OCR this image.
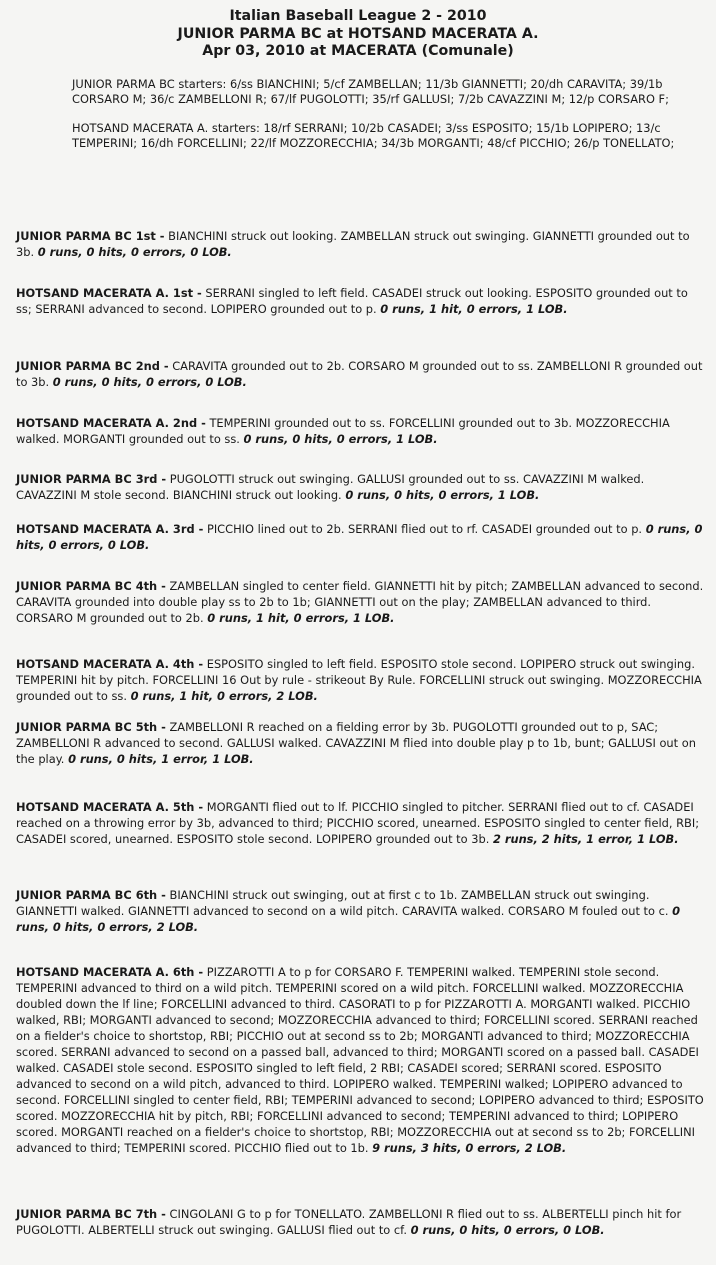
Italian Baseball League 2 - 2010
JUNIOR PARMA BC at HOTSAND MACERATA A.
Apr 03, 2010 at MACERATA (Comunale)

JUNIOR PARMA BC starters: 6/ss BIANCHINI; 5/cf ZAMBELLAN; 11/3b GIANNETTI; 20/dh CARAVITA; 39/1b CORSARO M; 36/c ZAMBELLONI R; 67/lf PUGOLOTTI; 35/rf GALLUSI; 7/2b CAVAZZINI M; 12/p CORSARO F;

HOTSAND MACERATA A. starters: 18/rf SERRANI; 10/2b CASADEI; 3/ss ESPOSITO; 15/1b LOPIPERO; 13/c TEMPERINI; 16/dh FORCELLINI; 22/lf MOZZORECCHIA; 34/3b MORGANTI; 48/cf PICCHIO; 26/p TONELLATO;

JUNIOR PARMA BC 1st - BIANCHINI struck out looking. ZAMBELLAN struck out swinging. GIANNETTI grounded out to 3b. 0 runs, 0 hits, 0 errors, 0 LOB.

HOTSAND MACERATA A. 1st - SERRANI singled to left field. CASADEI struck out looking. ESPOSITO grounded out to ss; SERRANI advanced to second. LOPIPERO grounded out to p. 0 runs, 1 hit, 0 errors, 1 LOB.

JUNIOR PARMA BC 2nd - CARAVITA grounded out to 2b. CORSARO M grounded out to ss. ZAMBELLONI R grounded out to 3b. 0 runs, 0 hits, 0 errors, 0 LOB.

HOTSAND MACERATA A. 2nd - TEMPERINI grounded out to ss. FORCELLINI grounded out to 3b. MOZZORECCHIA walked. MORGANTI grounded out to ss. 0 runs, 0 hits, 0 errors, 1 LOB.

JUNIOR PARMA BC 3rd - PUGOLOTTI struck out swinging. GALLUSI grounded out to ss. CAVAZZINI M walked. CAVAZZINI M stole second. BIANCHINI struck out looking. 0 runs, 0 hits, 0 errors, 1 LOB.

HOTSAND MACERATA A. 3rd - PICCHIO lined out to 2b. SERRANI flied out to rf. CASADEI grounded out to p. 0 runs, 0 hits, 0 errors, 0 LOB.

JUNIOR PARMA BC 4th - ZAMBELLAN singled to center field. GIANNETTI hit by pitch; ZAMBELLAN advanced to second. CARAVITA grounded into double play ss to 2b to 1b; GIANNETTI out on the play; ZAMBELLAN advanced to third. CORSARO M grounded out to 2b. 0 runs, 1 hit, 0 errors, 1 LOB.

HOTSAND MACERATA A. 4th - ESPOSITO singled to left field. ESPOSITO stole second. LOPIPERO struck out swinging. TEMPERINI hit by pitch. FORCELLINI 16 Out by rule - strikeout By Rule. FORCELLINI struck out swinging. MOZZORECCHIA grounded out to ss. 0 runs, 1 hit, 0 errors, 2 LOB.

JUNIOR PARMA BC 5th - ZAMBELLONI R reached on a fielding error by 3b. PUGOLOTTI grounded out to p, SAC; ZAMBELLONI R advanced to second. GALLUSI walked. CAVAZZINI M flied into double play p to 1b, bunt; GALLUSI out on the play. 0 runs, 0 hits, 1 error, 1 LOB.

HOTSAND MACERATA A. 5th - MORGANTI flied out to lf. PICCHIO singled to pitcher. SERRANI flied out to cf. CASADEI reached on a throwing error by 3b, advanced to third; PICCHIO scored, unearned. ESPOSITO singled to center field, RBI; CASADEI scored, unearned. ESPOSITO stole second. LOPIPERO grounded out to 3b. 2 runs, 2 hits, 1 error, 1 LOB.

JUNIOR PARMA BC 6th - BIANCHINI struck out swinging, out at first c to 1b. ZAMBELLAN struck out swinging. GIANNETTI walked. GIANNETTI advanced to second on a wild pitch. CARAVITA walked. CORSARO M fouled out to c. 0 runs, 0 hits, 0 errors, 2 LOB.

HOTSAND MACERATA A. 6th - PIZZAROTTI A to p for CORSARO F. TEMPERINI walked. TEMPERINI stole second. TEMPERINI advanced to third on a wild pitch. TEMPERINI scored on a wild pitch. FORCELLINI walked. MOZZORECCHIA doubled down the lf line; FORCELLINI advanced to third. CASORATI to p for PIZZAROTTI A. MORGANTI walked. PICCHIO walked, RBI; MORGANTI advanced to second; MOZZORECCHIA advanced to third; FORCELLINI scored. SERRANI reached on a fielder's choice to shortstop, RBI; PICCHIO out at second ss to 2b; MORGANTI advanced to third; MOZZORECCHIA scored. SERRANI advanced to second on a passed ball, advanced to third; MORGANTI scored on a passed ball. CASADEI walked. CASADEI stole second. ESPOSITO singled to left field, 2 RBI; CASADEI scored; SERRANI scored. ESPOSITO advanced to second on a wild pitch, advanced to third. LOPIPERO walked. TEMPERINI walked; LOPIPERO advanced to second. FORCELLINI singled to center field, RBI; TEMPERINI advanced to second; LOPIPERO advanced to third; ESPOSITO scored. MOZZORECCHIA hit by pitch, RBI; FORCELLINI advanced to second; TEMPERINI advanced to third; LOPIPERO scored. MORGANTI reached on a fielder's choice to shortstop, RBI; MOZZORECCHIA out at second ss to 2b; FORCELLINI advanced to third; TEMPERINI scored. PICCHIO flied out to 1b. 9 runs, 3 hits, 0 errors, 2 LOB.

JUNIOR PARMA BC 7th - CINGOLANI G to p for TONELLATO. ZAMBELLONI R flied out to ss. ALBERTELLI pinch hit for PUGOLOTTI. ALBERTELLI struck out swinging. GALLUSI flied out to cf. 0 runs, 0 hits, 0 errors, 0 LOB.
